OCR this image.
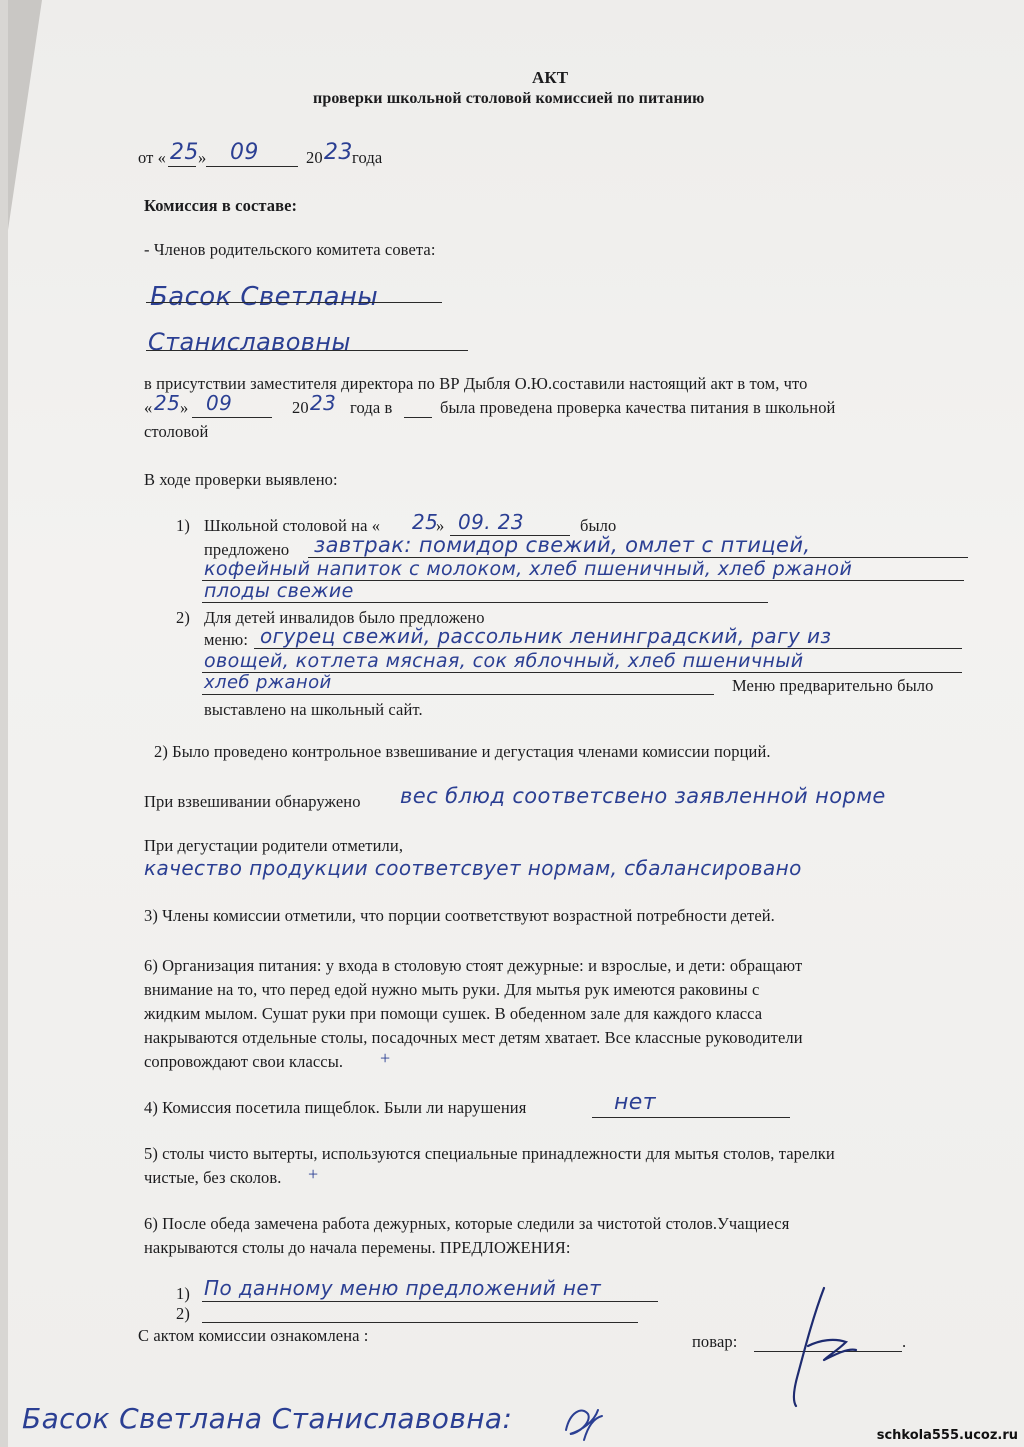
АКТ
проверки школьной столовой комиссией по питанию
от « 25 » 09	20 23 года
Комиссия в составе:
- Членов родительского комитета совета:
Басок Светланы
Станиславовны
в присутствии заместителя директора по ВР Дыбля О.Ю.составили настоящий акт в том, что
« 25 » 09	20 23 года в	была проведена проверка качества питания в школьной
столовой
В ходе проверки выявлено:
1) Школьной столовой на « 25
» 09. 23	было
предложено завтрак: помидор свежий, омлет с птицей,
кофейный напиток с молоком, хлеб пшеничный, хлеб ржаной
плоды свежие
2) Для детей инвалидов было предложено
меню: огурец свежий, рассольник ленинградский, рагу из
овощей, котлета мясная, сок яблочный, хлеб пшеничный
хлеб ржаной	Меню предварительно было
выставлено на школьный сайт.
2) Было проведено контрольное взвешивание и дегустация членами комиссии порций.
При взвешивании обнаружено вес блюд соответсвено заявленной норме
При дегустации родители отметили,
качество продукции соответсвует нормам, сбалансировано
3) Члены комиссии отметили, что порции соответствуют возрастной потребности детей.
6) Организация питания: у входа в столовую стоят дежурные: и взрослые, и дети: обращают
внимание на то, что перед едой нужно мыть руки. Для мытья рук имеются раковины с
жидким мылом. Сушат руки при помощи сушек. В обеденном зале для каждого класса
накрываются отдельные столы, посадочных мест детям хватает. Все классные руководители
сопровождают свои классы. +
4) Комиссия посетила пищеблок. Были ли нарушения	нет
5) столы чисто вытерты, используются специальные принадлежности для мытья столов, тарелки
чистые, без сколов. +
6) После обеда замечена работа дежурных, которые следили за чистотой столов.Учащиеся
накрываются столы до начала перемены. ПРЕДЛОЖЕНИЯ:
1) По данному меню предложений нет
2)
С актом комиссии ознакомлена :	повар:	.
Басок Светлана Станиславовна:
schkola555.ucoz.ru
